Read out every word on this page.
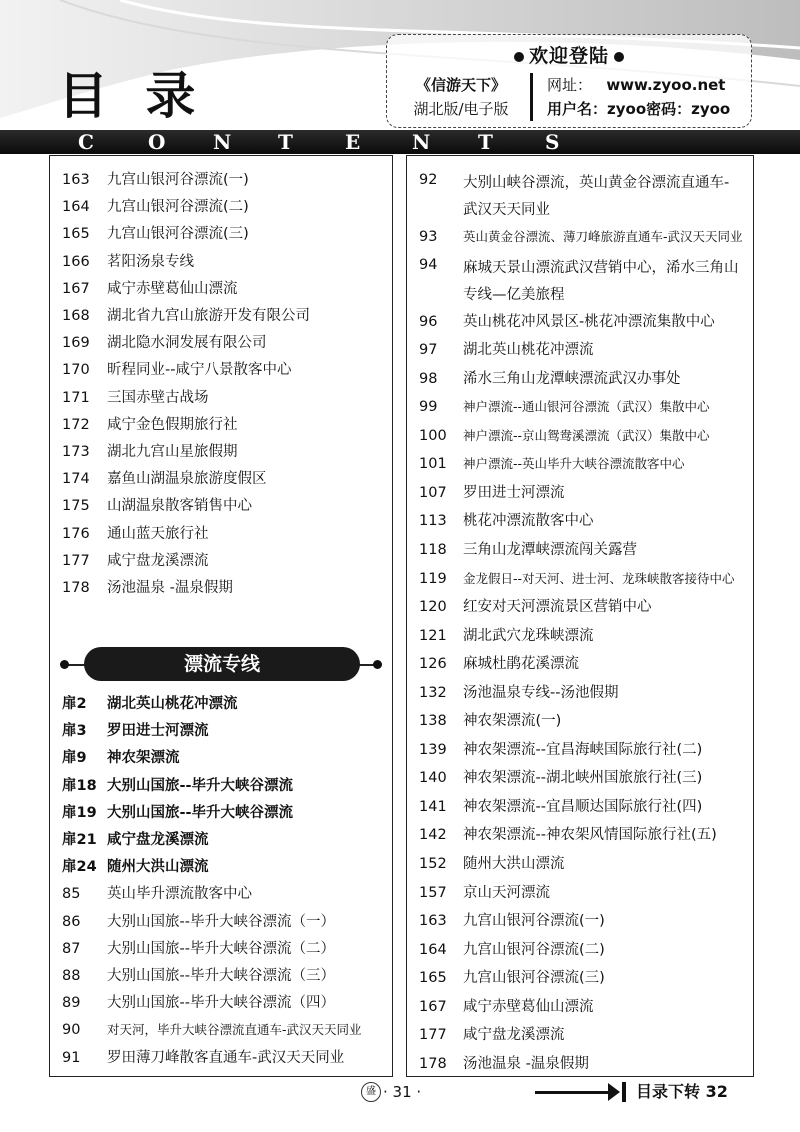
目 录
欢迎登陆
《信游天下》
湖北版/电子版
网址： www.zyoo.net
用户名：zyoo密码：zyoo
C	O N T	E	N T	S
163	九宫山银河谷漂流(一)
164	九宫山银河谷漂流(二)
165	九宫山银河谷漂流(三)
166	茗阳汤泉专线
167	咸宁赤壁葛仙山漂流
168	湖北省九宫山旅游开发有限公司
169	湖北隐水洞发展有限公司
170	昕程同业--咸宁八景散客中心
171	三国赤壁古战场
172	咸宁金色假期旅行社
173	湖北九宫山星旅假期
174	嘉鱼山湖温泉旅游度假区
175	山湖温泉散客销售中心
176	通山蓝天旅行社
177	咸宁盘龙溪漂流
178	汤池温泉 -温泉假期
漂流专线
扉2	湖北英山桃花冲漂流
扉3	罗田进士河漂流
扉9	神农架漂流
扉18 大别山国旅--毕升大峡谷漂流
扉19 大别山国旅--毕升大峡谷漂流
扉21 咸宁盘龙溪漂流
扉24 随州大洪山漂流
85	英山毕升漂流散客中心
86	大别山国旅--毕升大峡谷漂流（一）
87	大别山国旅--毕升大峡谷漂流（二）
88	大别山国旅--毕升大峡谷漂流（三）
89	大别山国旅--毕升大峡谷漂流（四）
90	对天河，毕升大峡谷漂流直通车-武汉天天同业
91	罗田薄刀峰散客直通车-武汉天天同业
92	大别山峡谷漂流，英山黄金谷漂流直通车-武汉天天同业
93	英山黄金谷漂流、薄刀峰旅游直通车-武汉天天同业
94	麻城天景山漂流武汉营销中心，浠水三角山专线—亿美旅程
96	英山桃花冲风景区-桃花冲漂流集散中心
97	湖北英山桃花冲漂流
98	浠水三角山龙潭峡漂流武汉办事处
99	神户漂流--通山银河谷漂流（武汉）集散中心
100	神户漂流--京山鸳鸯溪漂流（武汉）集散中心
101	神户漂流--英山毕升大峡谷漂流散客中心
107	罗田进士河漂流
113	桃花冲漂流散客中心
118	三角山龙潭峡漂流闯关露营
119	金龙假日--对天河、进士河、龙珠峡散客接待中心
120	红安对天河漂流景区营销中心
121	湖北武穴龙珠峡漂流
126	麻城杜鹃花溪漂流
132	汤池温泉专线--汤池假期
138	神农架漂流(一)
139	神农架漂流--宜昌海峡国际旅行社(二)
140	神农架漂流--湖北峡州国旅旅行社(三)
141	神农架漂流--宜昌顺达国际旅行社(四)
142	神农架漂流--神农架风情国际旅行社(五)
152	随州大洪山漂流
157	京山天河漂流
163	九宫山银河谷漂流(一)
164	九宫山银河谷漂流(二)
165	九宫山银河谷漂流(三)
167	咸宁赤壁葛仙山漂流
177	咸宁盘龙溪漂流
178	汤池温泉 -温泉假期
盛 · 31 ·	目录下转 32
